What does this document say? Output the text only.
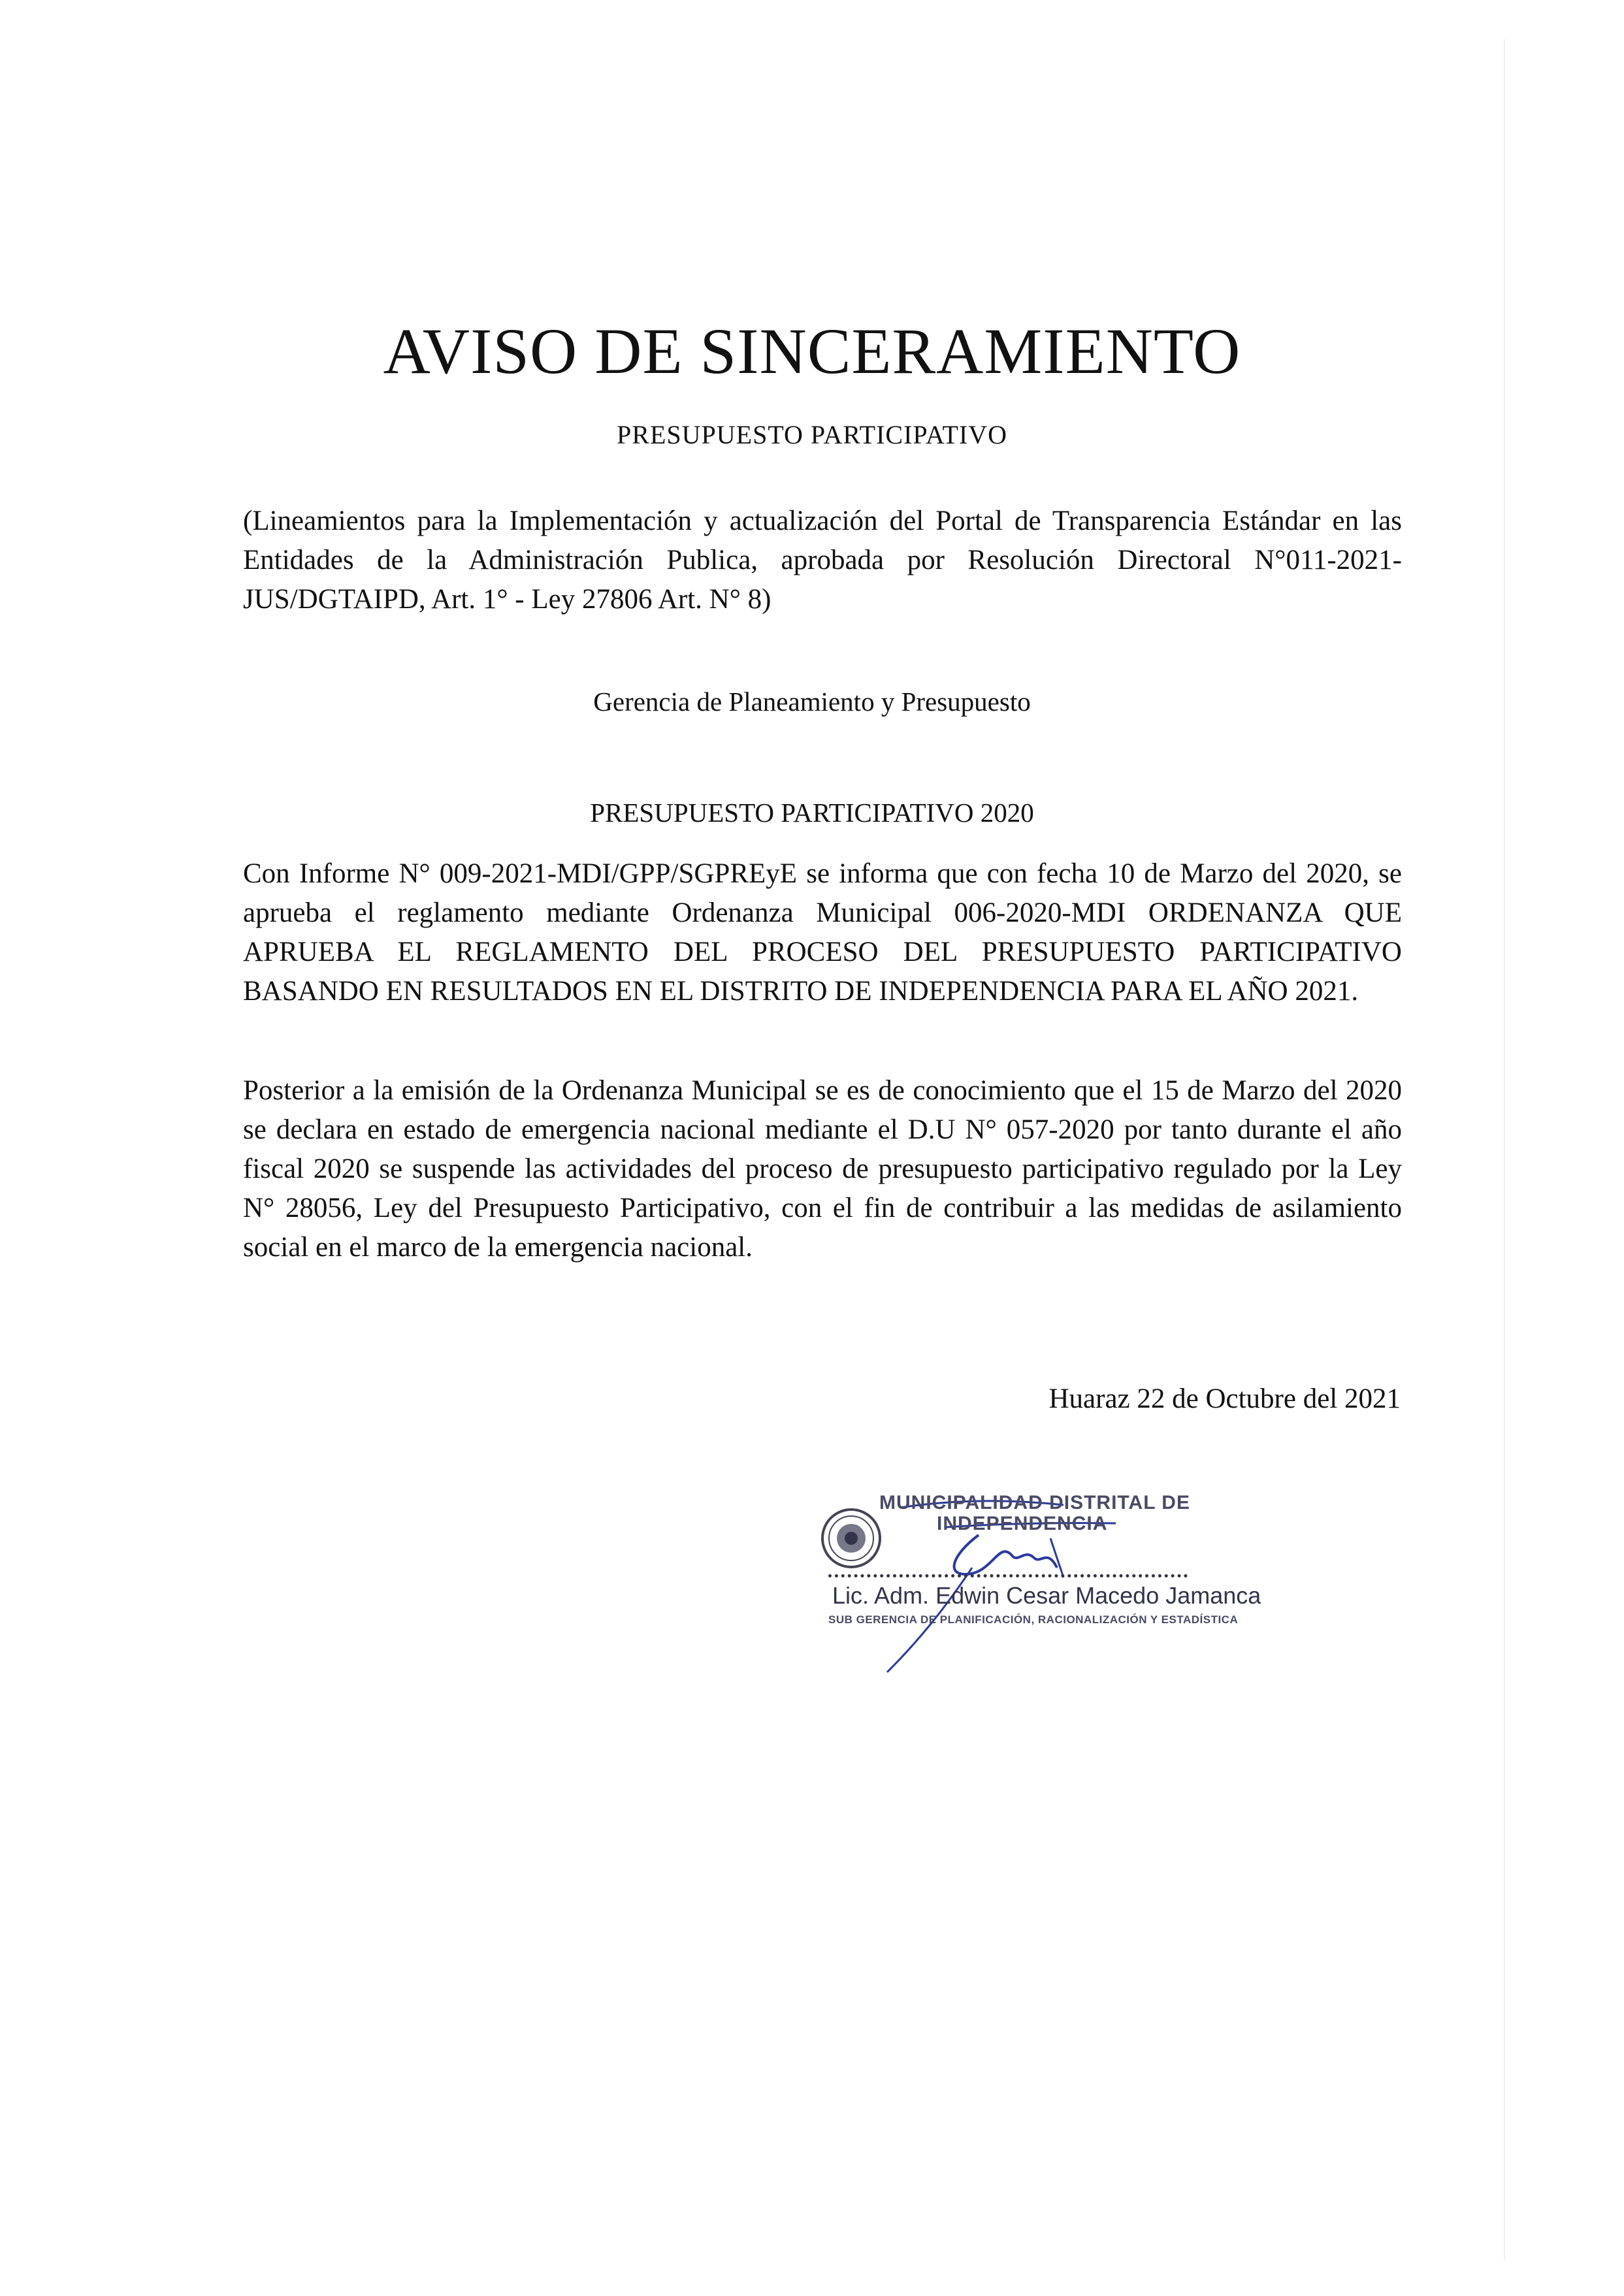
AVISO DE SINCERAMIENTO
PRESUPUESTO PARTICIPATIVO

(Lineamientos para la Implementación y actualización del Portal de Transparencia Estándar en las Entidades de la Administración Publica, aprobada por Resolución Directoral N°011-2021-JUS/DGTAIPD, Art. 1° - Ley 27806 Art. N° 8)

Gerencia de Planeamiento y Presupuesto
PRESUPUESTO PARTICIPATIVO 2020

Con Informe N° 009-2021-MDI/GPP/SGPREyE se informa que con fecha 10 de Marzo del 2020, se aprueba el reglamento mediante Ordenanza Municipal 006-2020-MDI ORDENANZA QUE APRUEBA EL REGLAMENTO DEL PROCESO DEL PRESUPUESTO PARTICIPATIVO BASANDO EN RESULTADOS EN EL DISTRITO DE INDEPENDENCIA PARA EL AÑO 2021.

Posterior a la emisión de la Ordenanza Municipal se es de conocimiento que el 15 de Marzo del 2020 se declara en estado de emergencia nacional mediante el D.U N° 057-2020 por tanto durante el año fiscal 2020 se suspende las actividades del proceso de presupuesto participativo regulado por la Ley N° 28056, Ley del Presupuesto Participativo, con el fin de contribuir a las medidas de asilamiento social en el marco de la emergencia nacional.

Huaraz 22 de Octubre del 2021
MUNICIPALIDAD DISTRITAL DE
INDEPENDENCIA
Lic. Adm. Edwin Cesar Macedo Jamanca
SUB GERENCIA DE PLANIFICACIÓN, RACIONALIZACIÓN Y ESTADÍSTICA
